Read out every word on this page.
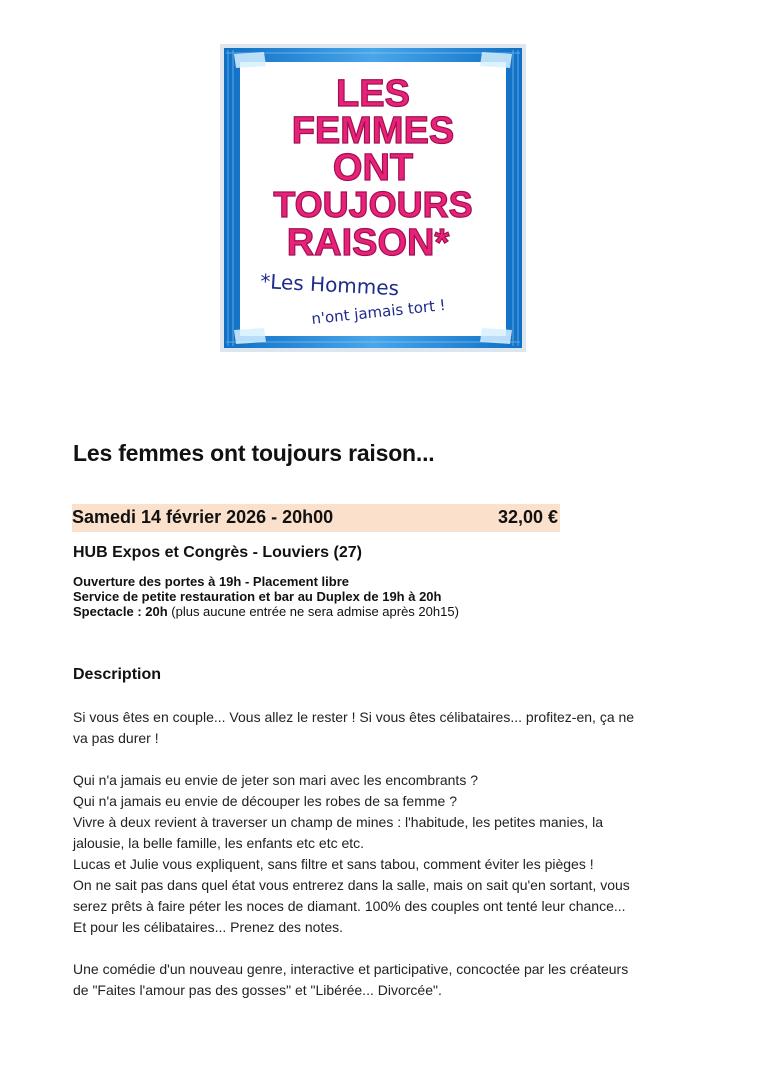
LES
FEMMES
ONT
TOUJOURS
RAISON*
*Les Hommes
n'ont jamais tort !
Les femmes ont toujours raison...
Samedi 14 février 2026 - 20h00	32,00 €
HUB Expos et Congrès - Louviers (27)
Ouverture des portes à 19h - Placement libre
Service de petite restauration et bar au Duplex de 19h à 20h
Spectacle : 20h (plus aucune entrée ne sera admise après 20h15)
Description

Si vous êtes en couple... Vous allez le rester ! Si vous êtes célibataires... profitez-en, ça ne
va pas durer !

Qui n'a jamais eu envie de jeter son mari avec les encombrants ?
Qui n'a jamais eu envie de découper les robes de sa femme ?
Vivre à deux revient à traverser un champ de mines : l'habitude, les petites manies, la
jalousie, la belle famille, les enfants etc etc etc.
Lucas et Julie vous expliquent, sans filtre et sans tabou, comment éviter les pièges !
On ne sait pas dans quel état vous entrerez dans la salle, mais on sait qu'en sortant, vous
serez prêts à faire péter les noces de diamant. 100% des couples ont tenté leur chance...
Et pour les célibataires... Prenez des notes.

Une comédie d'un nouveau genre, interactive et participative, concoctée par les créateurs
de "Faites l'amour pas des gosses" et "Libérée... Divorcée".
